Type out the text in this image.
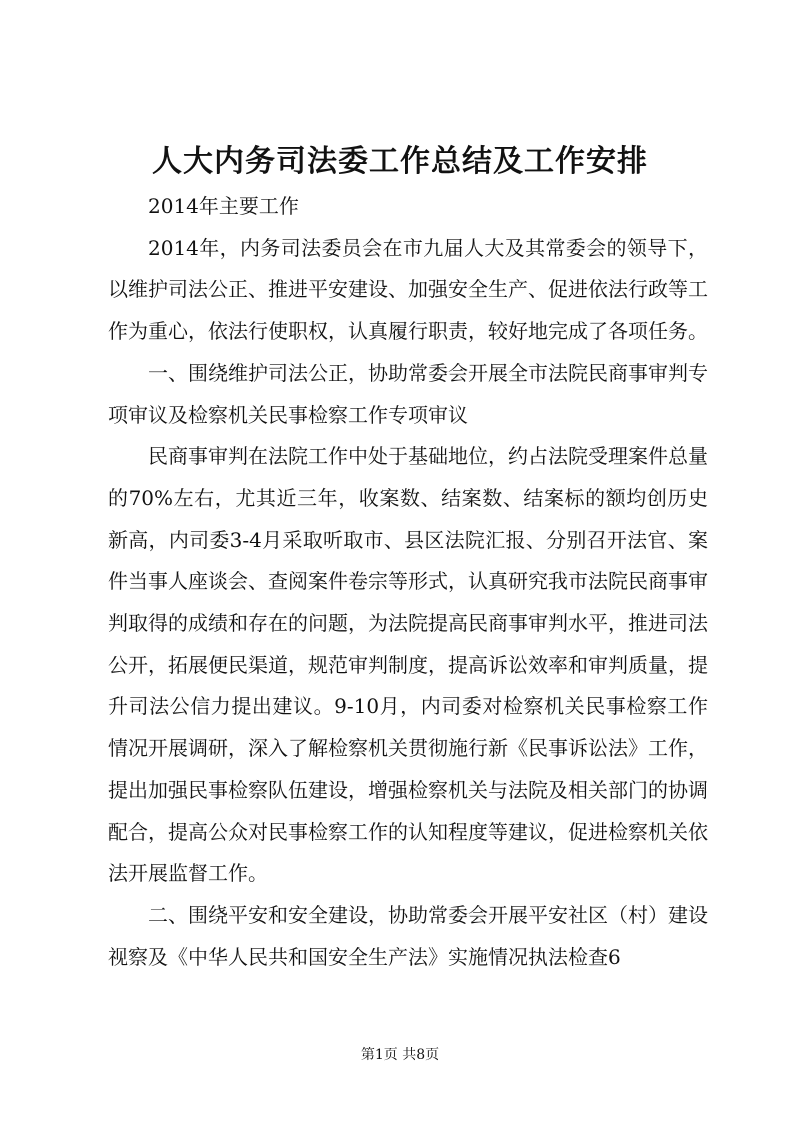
人大内务司法委工作总结及工作安排

2014年主要工作

2014年，内务司法委员会在市九届人大及其常委会的领导下，以维护司法公正、推进平安建设、加强安全生产、促进依法行政等工作为重心，依法行使职权，认真履行职责，较好地完成了各项任务。

一、围绕维护司法公正，协助常委会开展全市法院民商事审判专项审议及检察机关民事检察工作专项审议

民商事审判在法院工作中处于基础地位，约占法院受理案件总量的70%左右，尤其近三年，收案数、结案数、结案标的额均创历史新高，内司委3-4月采取听取市、县区法院汇报、分别召开法官、案件当事人座谈会、查阅案件卷宗等形式，认真研究我市法院民商事审判取得的成绩和存在的问题，为法院提高民商事审判水平，推进司法公开，拓展便民渠道，规范审判制度，提高诉讼效率和审判质量，提升司法公信力提出建议。9-10月，内司委对检察机关民事检察工作情况开展调研，深入了解检察机关贯彻施行新《民事诉讼法》工作，提出加强民事检察队伍建设，增强检察机关与法院及相关部门的协调配合，提高公众对民事检察工作的认知程度等建议，促进检察机关依法开展监督工作。

二、围绕平安和安全建设，协助常委会开展平安社区（村）建设视察及《中华人民共和国安全生产法》实施情况执法检查6

第1页 共8页
